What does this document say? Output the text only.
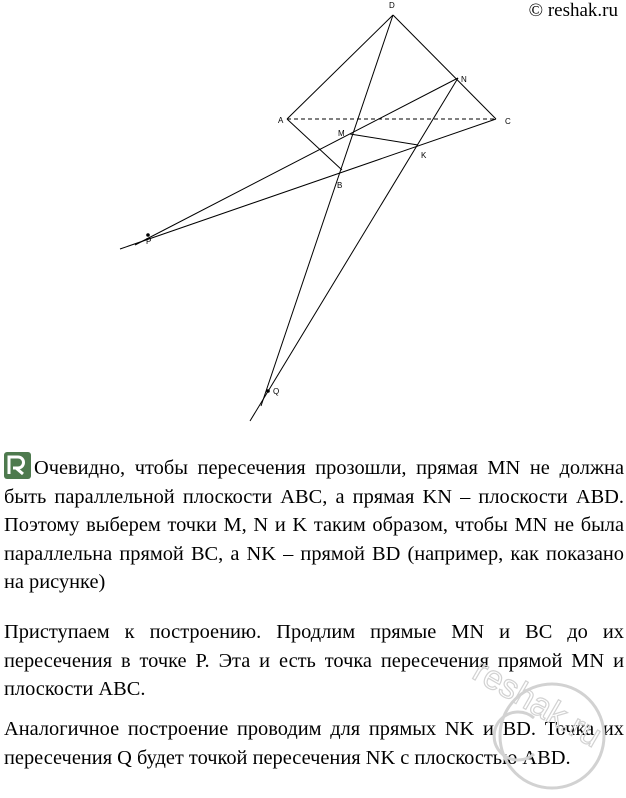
© reshak.ru
D
N
A	C
M
K
B
P
Q

Очевидно, чтобы пересечения прозошли, прямая MN не должна быть параллельной плоскости ABC, а прямая KN – плоскости ABD. Поэтому выберем точки M, N и K таким образом, чтобы MN не была параллельна прямой BC, а NK – прямой BD (например, как показано на рисунке)

Приступаем к построению. Продлим прямые MN и BC до их пересечения в точке P. Эта и есть точка пересечения прямой MN и плоскости ABC.

Аналогичное построение проводим для прямых NK и BD. Точка их пересечения Q будет точкой пересечения NK с плоскостью ABD.

reshak.ru
